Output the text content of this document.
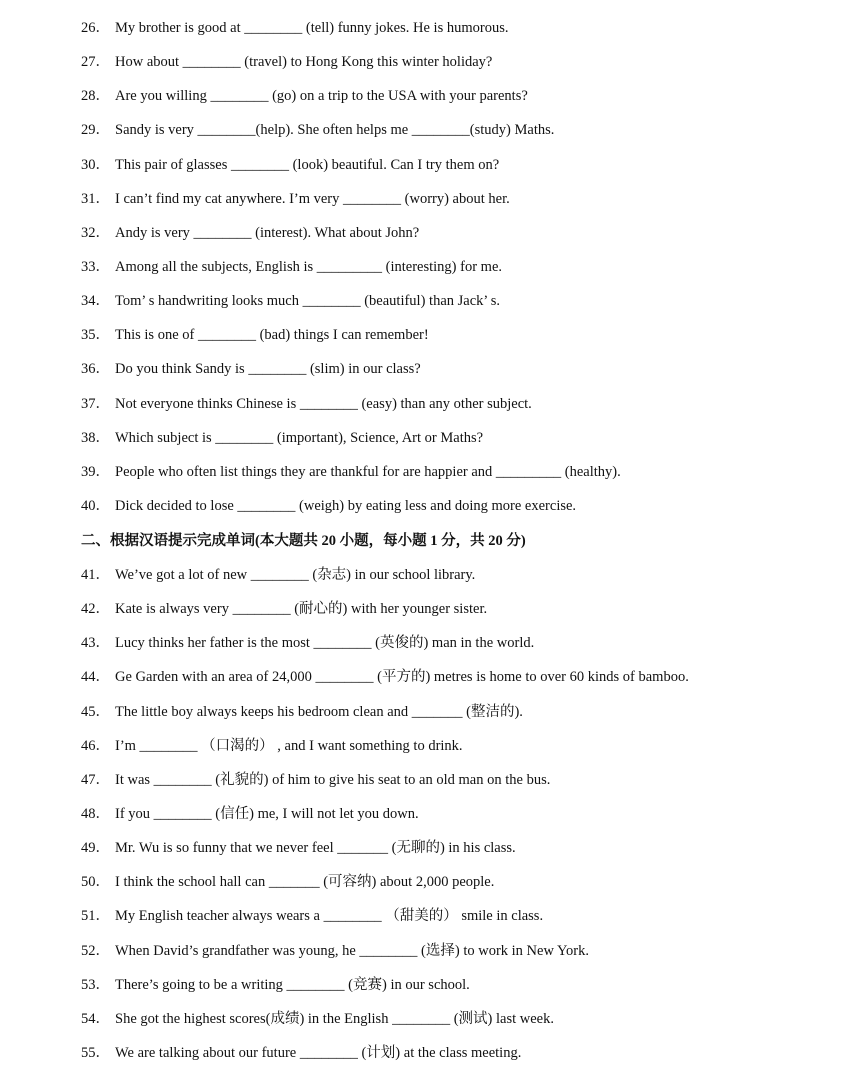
26． My brother is good at ________ (tell) funny jokes. He is humorous.
27． How about ________ (travel) to Hong Kong this winter holiday?
28． Are you willing ________ (go) on a trip to the USA with your parents?
29． Sandy is very ________(help). She often helps me ________(study) Maths.
30． This pair of glasses ________ (look) beautiful. Can I try them on?
31． I can’t find my cat anywhere. I’m very ________ (worry) about her.
32． Andy is very ________ (interest). What about John?
33． Among all the subjects, English is _________ (interesting) for me.
34． Tom’ s handwriting looks much ________ (beautiful) than Jack’ s.
35． This is one of ________ (bad) things I can remember!
36． Do you think Sandy is ________ (slim) in our class?
37． Not everyone thinks Chinese is ________ (easy) than any other subject.
38． Which subject is ________ (important), Science, Art or Maths?
39． People who often list things they are thankful for are happier and _________ (healthy).
40． Dick decided to lose ________ (weigh) by eating less and doing more exercise.
二、根据汉语提示完成单词(本大题共 20 小题，每小题 1 分，共 20 分)
41． We’ve got a lot of new ________ (杂志) in our school library.
42． Kate is always very ________ (耐心的) with her younger sister.
43． Lucy thinks her father is the most ________ (英俊的) man in the world.
44． Ge Garden with an area of 24,000 ________ (平方的) metres is home to over 60 kinds of bamboo.
45． The little boy always keeps his bedroom clean and _______ (整洁的).
46． I’m ________ （口渴的） , and I want something to drink.
47． It was ________ (礼貌的) of him to give his seat to an old man on the bus.
48． If you ________ (信任) me, I will not let you down.
49． Mr. Wu is so funny that we never feel _______ (无聊的) in his class.
50． I think the school hall can _______ (可容纳) about 2,000 people.
51． My English teacher always wears a ________ （甜美的） smile in class.
52． When David’s grandfather was young, he ________ (选择) to work in New York.
53． There’s going to be a writing ________ (竞赛) in our school.
54． She got the highest scores(成绩) in the English ________ (测试) last week.
55． We are talking about our future ________ (计划) at the class meeting.
